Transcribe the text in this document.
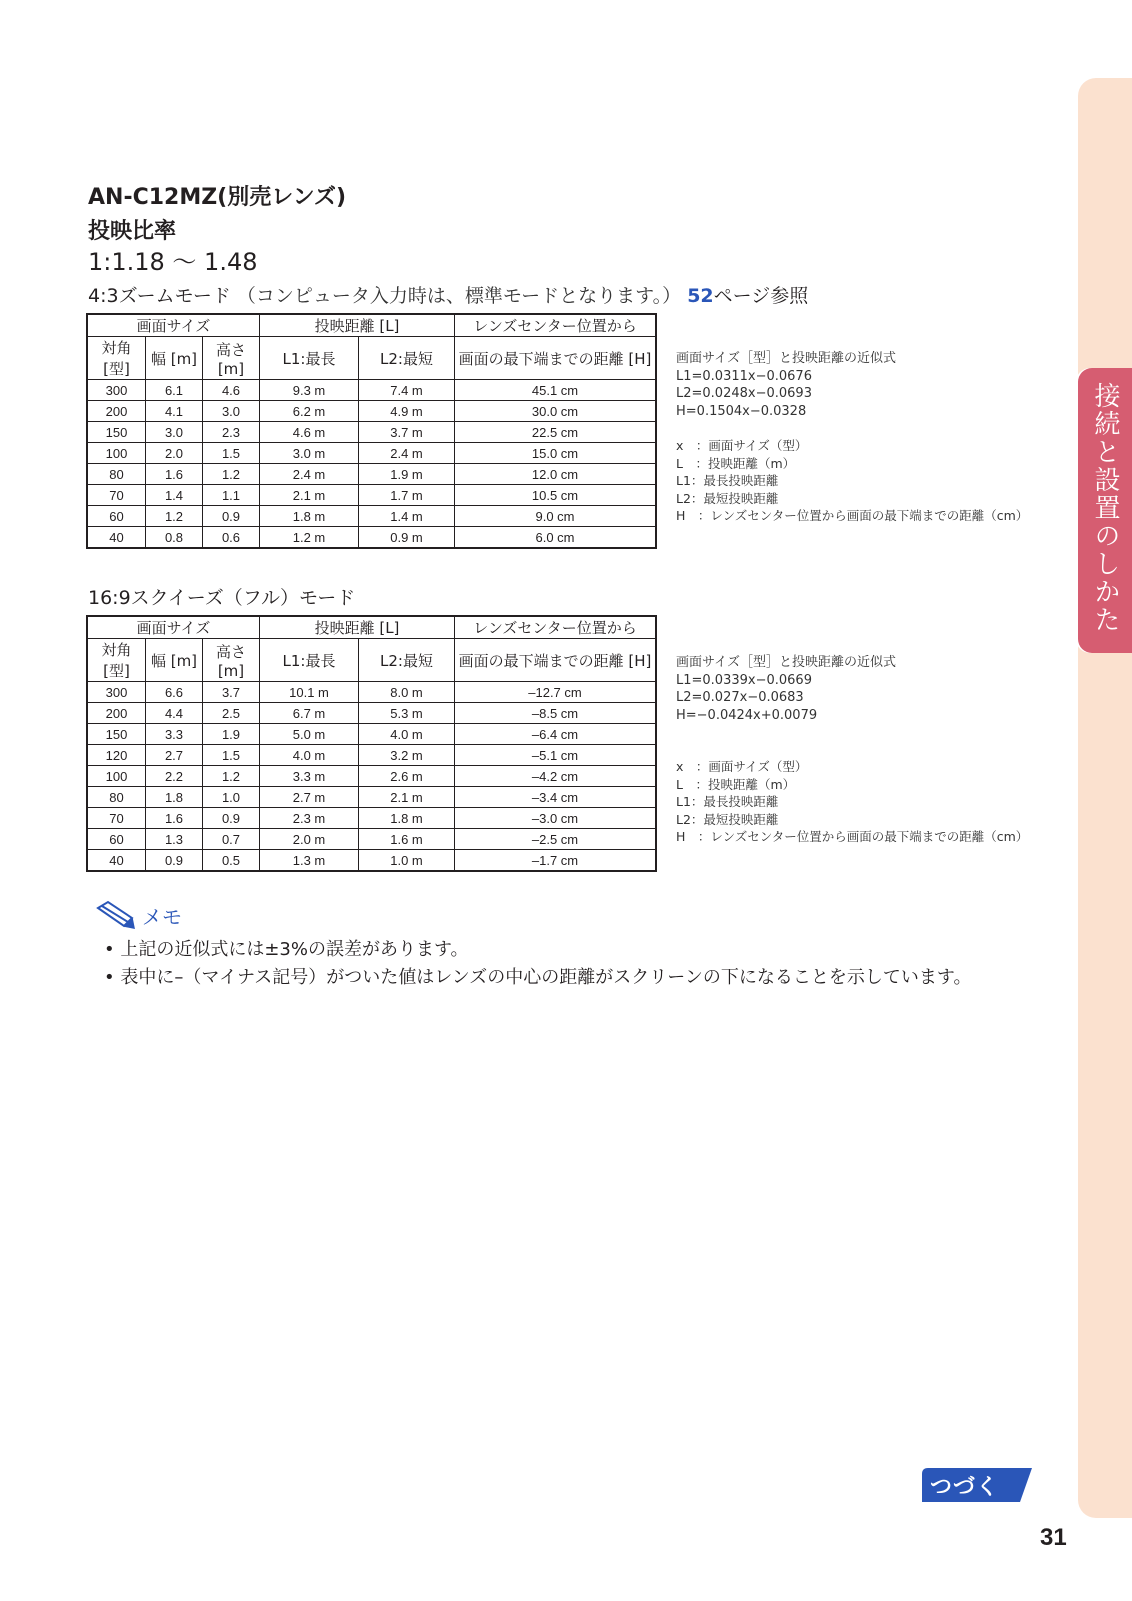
接続と設置のしかた
AN-C12MZ(別売レンズ)
投映比率
1:1.18 ～ 1.48
4:3ズームモード （コンピュータ入力時は、標準モードとなります。） 52ページ参照
画面サイズ			投映距離 [L]		レンズセンター位置から
対角 [型]	幅 [m]	高さ [m]	L1:最長	L2:最短	画面の最下端までの距離 [H]
300	6.1	4.6	9.3 m	7.4 m	45.1 cm
200	4.1	3.0	6.2 m	4.9 m	30.0 cm
150	3.0	2.3	4.6 m	3.7 m	22.5 cm
100	2.0	1.5	3.0 m	2.4 m	15.0 cm
80	1.6	1.2	2.4 m	1.9 m	12.0 cm
70	1.4	1.1	2.1 m	1.7 m	10.5 cm
60	1.2	0.9	1.8 m	1.4 m	9.0 cm
40	0.8	0.6	1.2 m	0.9 m	6.0 cm
画面サイズ［型］と投映距離の近似式
L1=0.0311x−0.0676
L2=0.0248x−0.0693
H=0.1504x−0.0328
x　：画面サイズ（型）
L　：投映距離（m）
L1：最長投映距離
L2：最短投映距離
H　：レンズセンター位置から画面の最下端までの距離（cm）
16:9スクイーズ（フル）モード
画面サイズ			投映距離 [L]		レンズセンター位置から
対角 [型]	幅 [m]	高さ [m]	L1:最長	L2:最短	画面の最下端までの距離 [H]
300	6.6	3.7	10.1 m	8.0 m	–12.7 cm
200	4.4	2.5	6.7 m	5.3 m	–8.5 cm
150	3.3	1.9	5.0 m	4.0 m	–6.4 cm
120	2.7	1.5	4.0 m	3.2 m	–5.1 cm
100	2.2	1.2	3.3 m	2.6 m	–4.2 cm
80	1.8	1.0	2.7 m	2.1 m	–3.4 cm
70	1.6	0.9	2.3 m	1.8 m	–3.0 cm
60	1.3	0.7	2.0 m	1.6 m	–2.5 cm
40	0.9	0.5	1.3 m	1.0 m	–1.7 cm
画面サイズ［型］と投映距離の近似式
L1=0.0339x−0.0669
L2=0.027x−0.0683
H=−0.0424x+0.0079
x　：画面サイズ（型）
L　：投映距離（m）
L1：最長投映距離
L2：最短投映距離
H　：レンズセンター位置から画面の最下端までの距離（cm）
メモ
• 上記の近似式には±3%の誤差があります。
• 表中に–（マイナス記号）がついた値はレンズの中心の距離がスクリーンの下になることを示しています。
つづく
31
